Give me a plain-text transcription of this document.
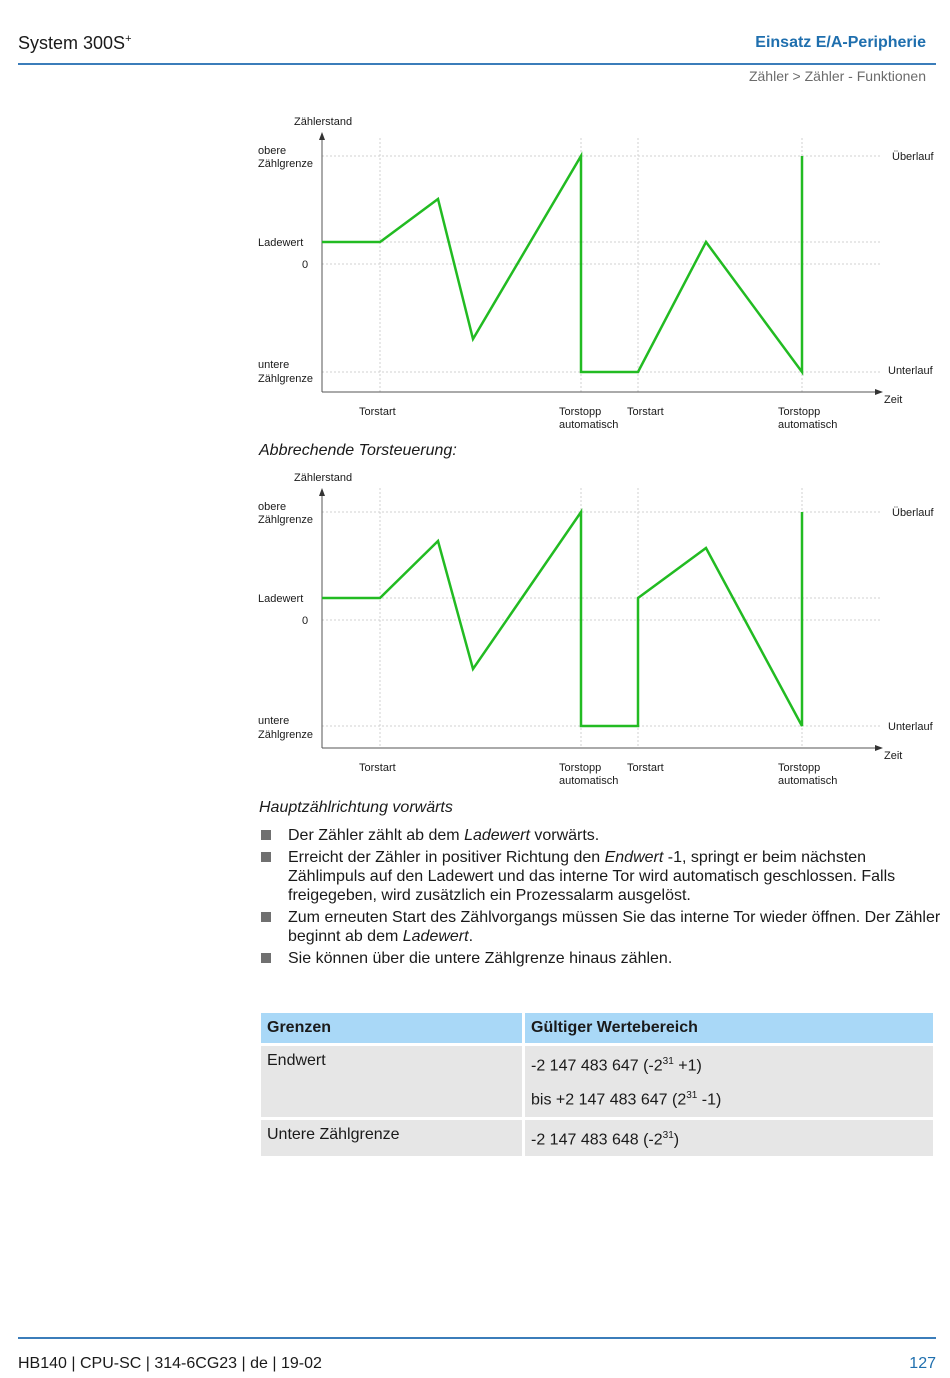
System 300S+	Einsatz E/A-Peripherie
Zähler > Zähler - Funktionen
Zählerstand
obere
Zählgrenze
Ladewert
0
untere
Zählgrenze
Überlauf
Unterlauf
Zeit
Torstart	Torstopp
automatisch
Torstart	Torstopp
automatisch
Abbrechende Torsteuerung:
Zählerstand
obere
Zählgrenze
Ladewert
0
untere
Zählgrenze
Überlauf
Unterlauf
Zeit
Torstart	Torstopp
automatisch
Torstart	Torstopp
automatisch
Hauptzählrichtung vorwärts
Der Zähler zählt ab dem Ladewert vorwärts.
Erreicht der Zähler in positiver Richtung den Endwert -1, springt er beim nächsten Zählimpuls auf den Ladewert und das interne Tor wird automatisch geschlossen. Falls freigegeben, wird zusätzlich ein Prozessalarm ausgelöst.
Zum erneuten Start des Zählvorgangs müssen Sie das interne Tor wieder öffnen. Der Zähler beginnt ab dem Ladewert.
Sie können über die untere Zählgrenze hinaus zählen.
Grenzen	Gültiger Wertebereich
Endwert	-2 147 483 647 $(-2^{31} +1)$
bis +2 147 483 647 ($2^{31}$ -1)

Untere Zählgrenze	-2 147 483 648 $(-2^{31})$
HB140 | CPU-SC | 314-6CG23 | de | 19-02	127
